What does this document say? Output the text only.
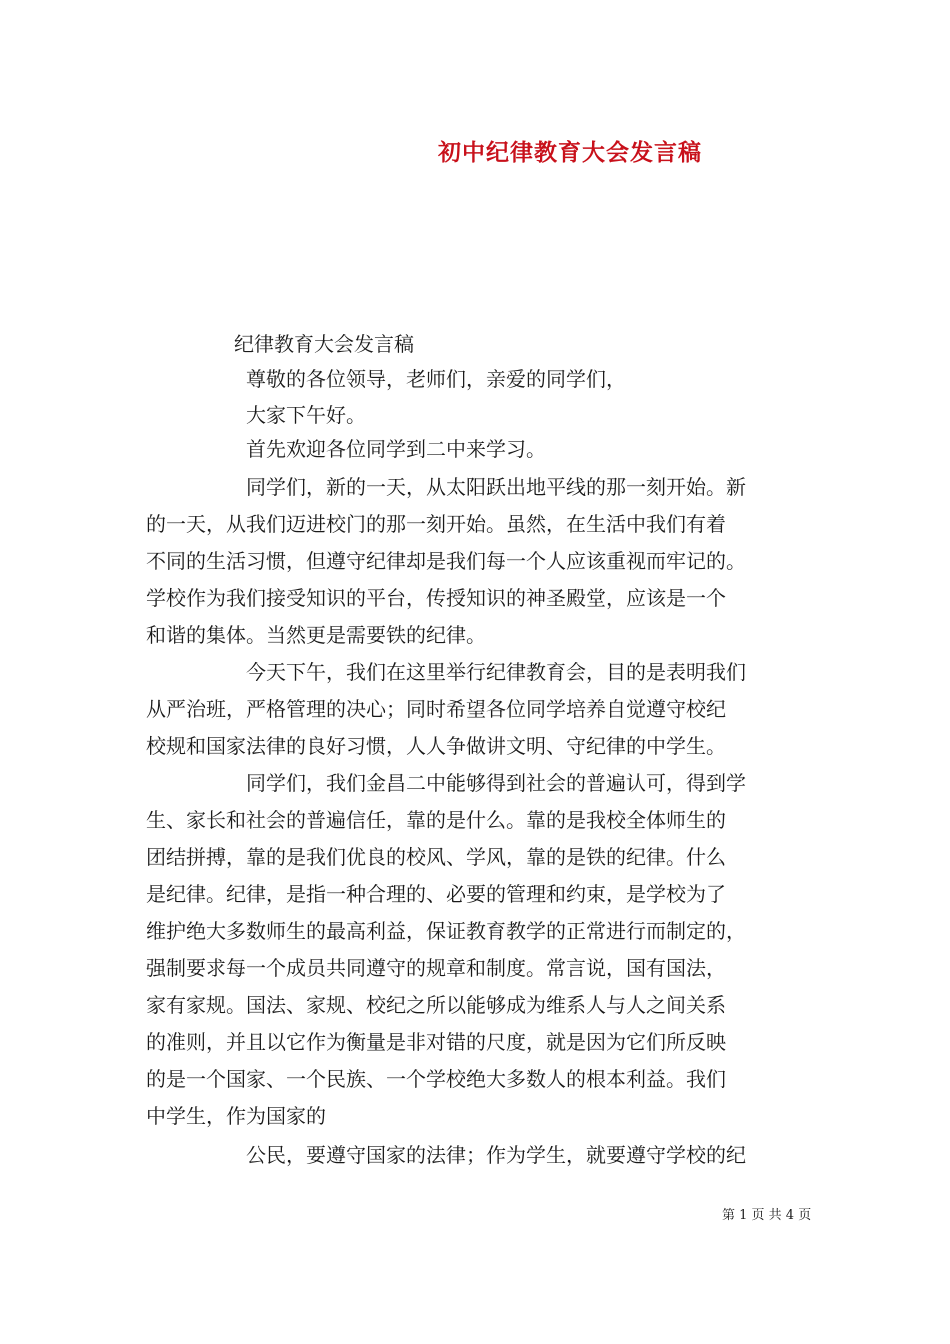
初中纪律教育大会发言稿
纪律教育大会发言稿
尊敬的各位领导，老师们，亲爱的同学们，
大家下午好。
首先欢迎各位同学到二中来学习。
同学们，新的一天，从太阳跃出地平线的那一刻开始。新
的一天，从我们迈进校门的那一刻开始。虽然，在生活中我们有着
不同的生活习惯，但遵守纪律却是我们每一个人应该重视而牢记的。
学校作为我们接受知识的平台，传授知识的神圣殿堂，应该是一个
和谐的集体。当然更是需要铁的纪律。
今天下午，我们在这里举行纪律教育会，目的是表明我们
从严治班，严格管理的决心；同时希望各位同学培养自觉遵守校纪
校规和国家法律的良好习惯，人人争做讲文明、守纪律的中学生。
同学们，我们金昌二中能够得到社会的普遍认可，得到学
生、家长和社会的普遍信任，靠的是什么。靠的是我校全体师生的
团结拼搏，靠的是我们优良的校风、学风，靠的是铁的纪律。什么
是纪律。纪律，是指一种合理的、必要的管理和约束，是学校为了
维护绝大多数师生的最高利益，保证教育教学的正常进行而制定的，
强制要求每一个成员共同遵守的规章和制度。常言说，国有国法，
家有家规。国法、家规、校纪之所以能够成为维系人与人之间关系
的准则，并且以它作为衡量是非对错的尺度，就是因为它们所反映
的是一个国家、一个民族、一个学校绝大多数人的根本利益。我们
中学生，作为国家的
公民，要遵守国家的法律；作为学生，就要遵守学校的纪
第 1 页 共 4 页
